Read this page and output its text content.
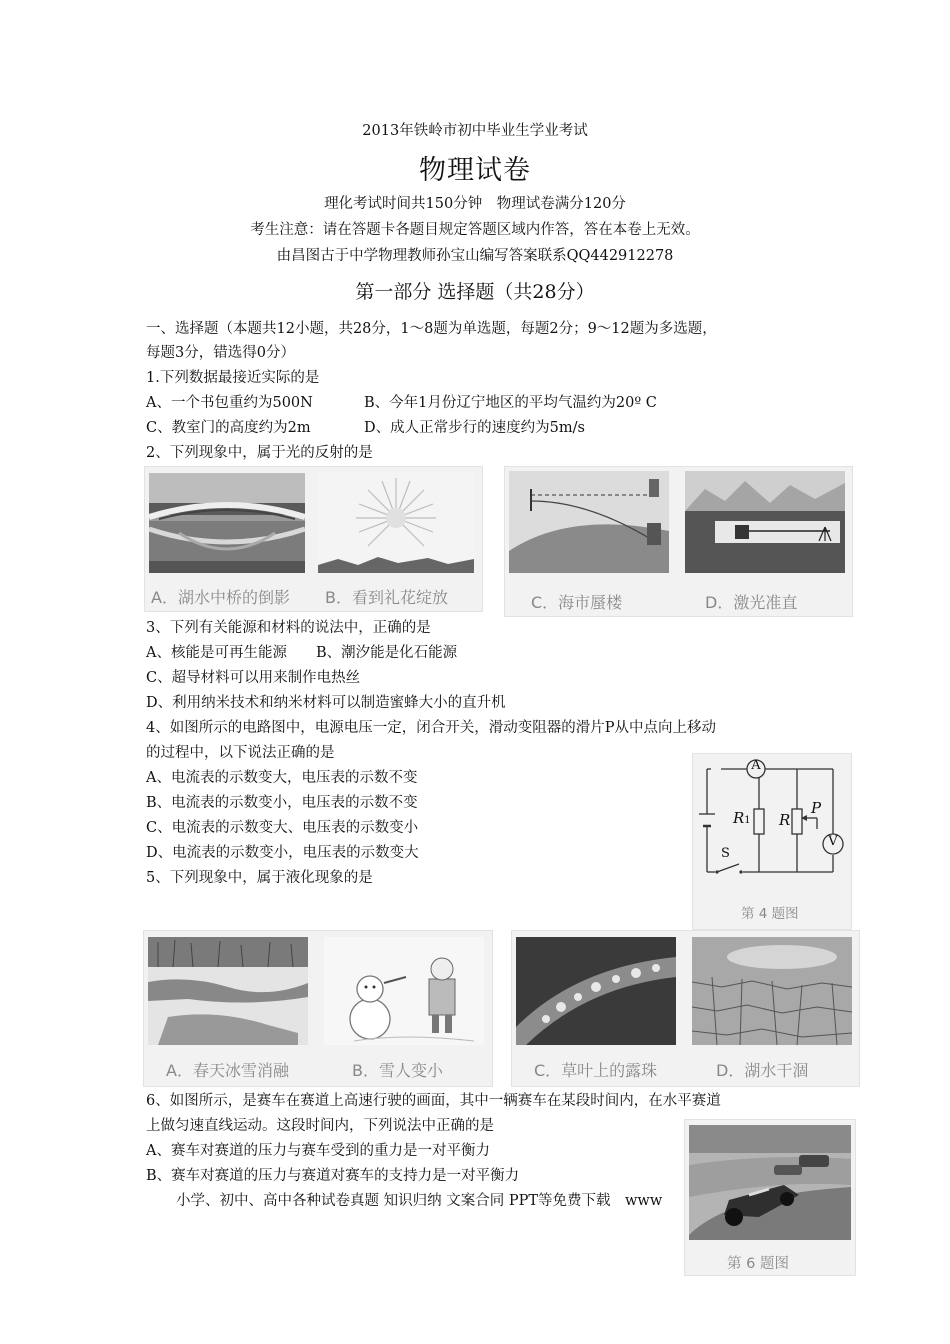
2013年铁岭市初中毕业生学业考试
物理试卷
理化考试时间共150分钟　物理试卷满分120分
考生注意：请在答题卡各题目规定答题区域内作答，答在本卷上无效。
由昌图古于中学物理教师孙宝山编写答案联系QQ442912278
第一部分 选择题（共28分）
一、选择题（本题共12小题，共28分，1～8题为单选题，每题2分；9～12题为多选题，
每题3分，错选得0分）
1.下列数据最接近实际的是
A、一个书包重约为500N	B、今年1月份辽宁地区的平均气温约为20º C
C、教室门的高度约为2m	D、成人正常步行的速度约为5m/s
2、下列现象中，属于光的反射的是
A．湖水中桥的倒影 B．看到礼花绽放	C．海市蜃楼	D．激光准直
3、下列有关能源和材料的说法中，正确的是
A、核能是可再生能源　　B、潮汐能是化石能源
C、超导材料可以用来制作电热丝
D、利用纳米技术和纳米材料可以制造蜜蜂大小的直升机
4、如图所示的电路图中，电源电压一定，闭合开关，滑动变阻器的滑片P从中点向上移动
的过程中，以下说法正确的是
A、电流表的示数变大，电压表的示数不变
B、电流表的示数变小，电压表的示数不变
C、电流表的示数变大、电压表的示数变小
D、电流表的示数变小，电压表的示数变大
5、下列现象中，属于液化现象的是
A
V
R1 R
P
S
第 4 题图
A．春天冰雪消融	B．雪人变小	C．草叶上的露珠	D．湖水干涸
6、如图所示，是赛车在赛道上高速行驶的画面，其中一辆赛车在某段时间内，在水平赛道
上做匀速直线运动。这段时间内，下列说法中正确的是
A、赛车对赛道的压力与赛车受到的重力是一对平衡力
B、赛车对赛道的压力与赛道对赛车的支持力是一对平衡力
小学、初中、高中各种试卷真题 知识归纳 文案合同 PPT等免费下载　www
第 6 题图
